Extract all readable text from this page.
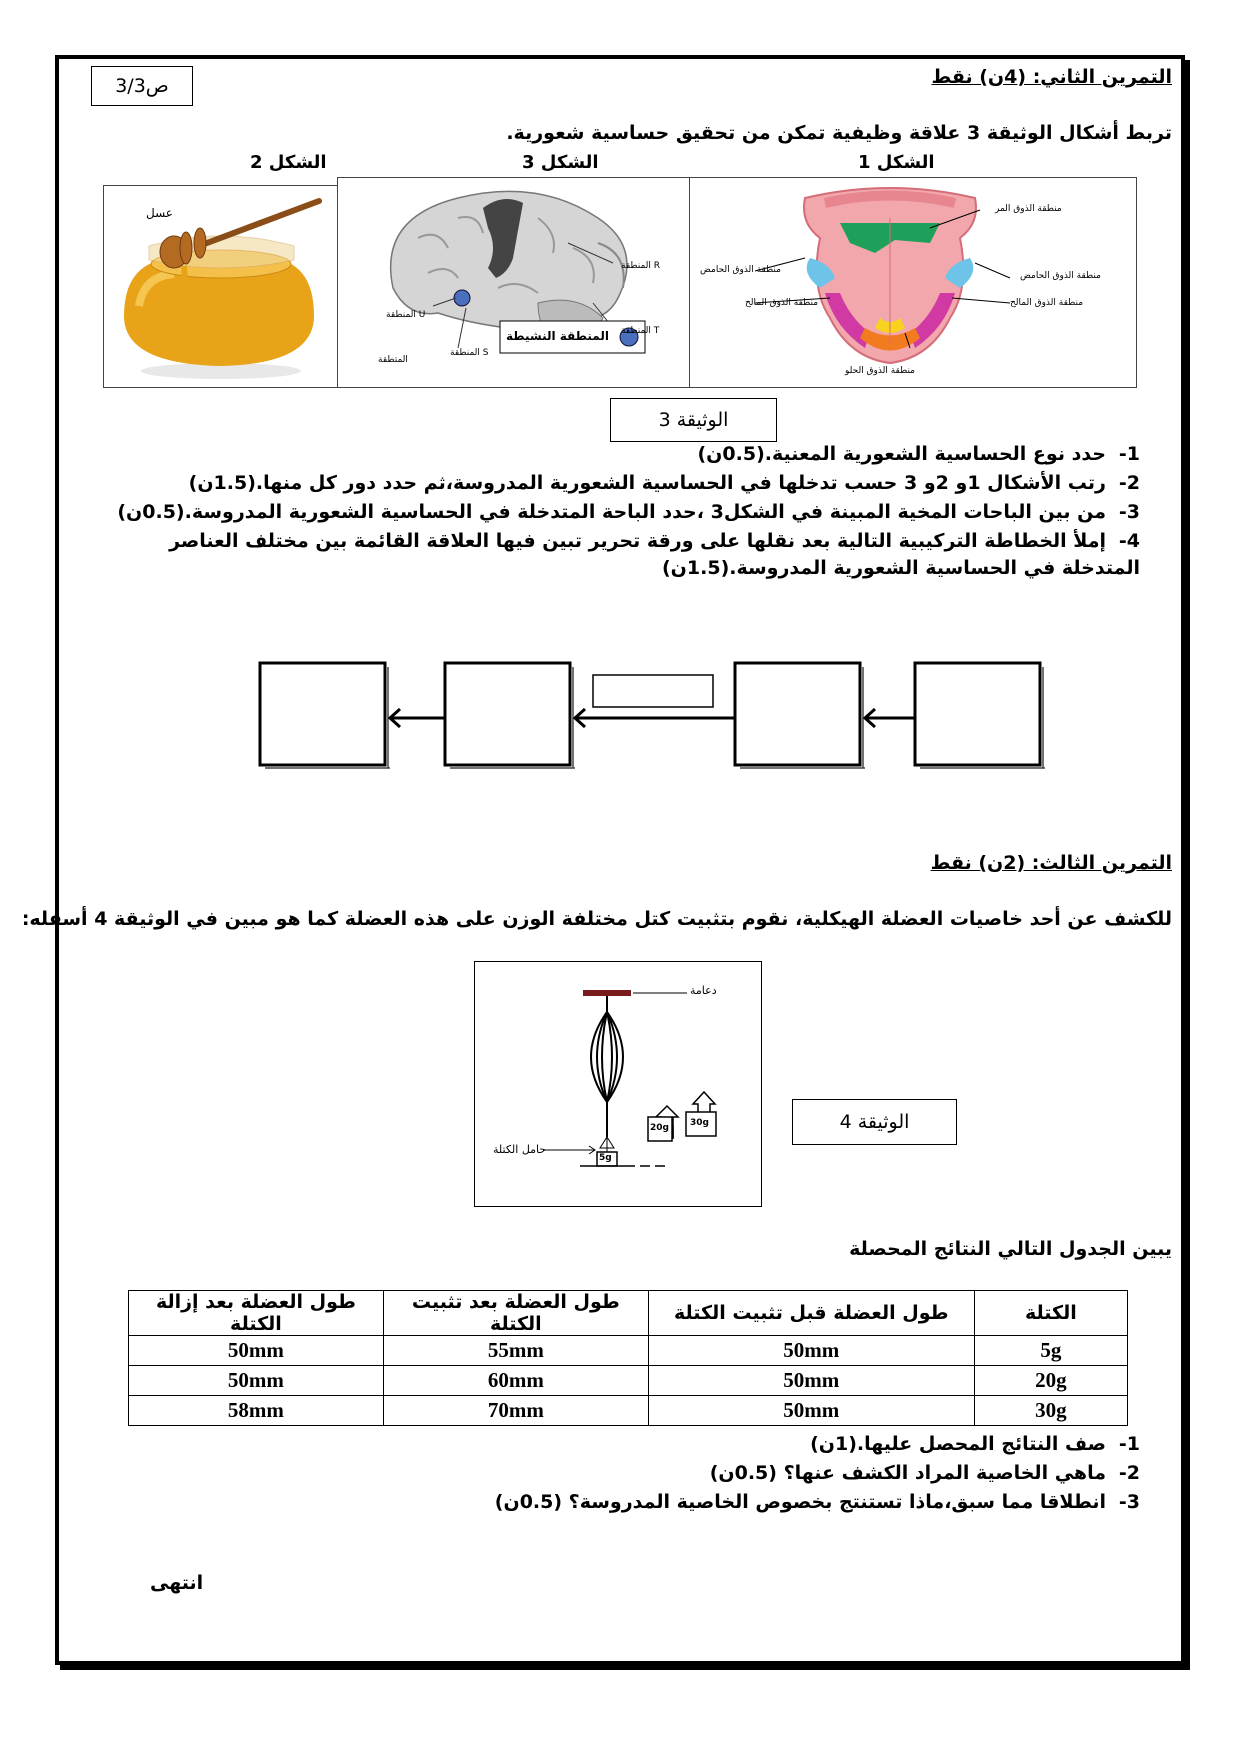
ص3/3	التمرين الثاني: (4ن) نقط
تربط أشكال الوثيقة 3 علاقة وظيفية تمكن من تحقيق حساسية شعورية.
الشكل 1
الشكل 3
الشكل 2
عسل
المنطقة R
المنطقة T
المنطقة U
المنطقة S
المتطقة
المنطقة النشيطة
منطقة الذوق المر
منطقة الذوق الحامض
منطقة الذوق الحامض
منطقة الذوق المالح	منطقة الذوق المالح
منطقة الذوق الحلو
الوثيقة 3
1-حدد نوع الحساسية الشعورية المعنية.(0.5ن)
2-رتب الأشكال 1و 2و 3 حسب تدخلها في الحساسية الشعورية المدروسة،ثم حدد دور كل منها.(1.5ن)
3-من بين الباحات المخية المبينة في الشكل3 ،حدد الباحة المتدخلة في الحساسية الشعورية المدروسة.(0.5ن)
4-إملأ الخطاطة التركيبية التالية بعد نقلها على ورقة تحرير تبين فيها العلاقة القائمة بين مختلف العناصر المتدخلة في الحساسية الشعورية المدروسة.(1.5ن)
التمرين الثالث: (2ن) نقط
للكشف عن أحد خاصيات العضلة الهيكلية، نقوم بتثبيت كتل مختلفة الوزن على هذه العضلة كما هو مبين في الوثيقة 4 أسفله:
دعامة
حامل الكتلة
5g
20g 30g	الوثيقة 4
يبين الجدول التالي النتائج المحصلة
الكتلة	طول العضلة قبل تثبيت الكتلة	طول العضلة بعد تثبيت الكتلة	طول العضلة بعد إزالة الكتلة
5g	50mm	55mm	50mm
20g	50mm	60mm	50mm
30g	50mm	70mm	58mm
1-صف النتائج المحصل عليها.(1ن)
2-ماهي الخاصية المراد الكشف عنها؟ (0.5ن)
3-انطلاقا مما سبق،ماذا تستنتج بخصوص الخاصية المدروسة؟ (0.5ن)
انتهى
